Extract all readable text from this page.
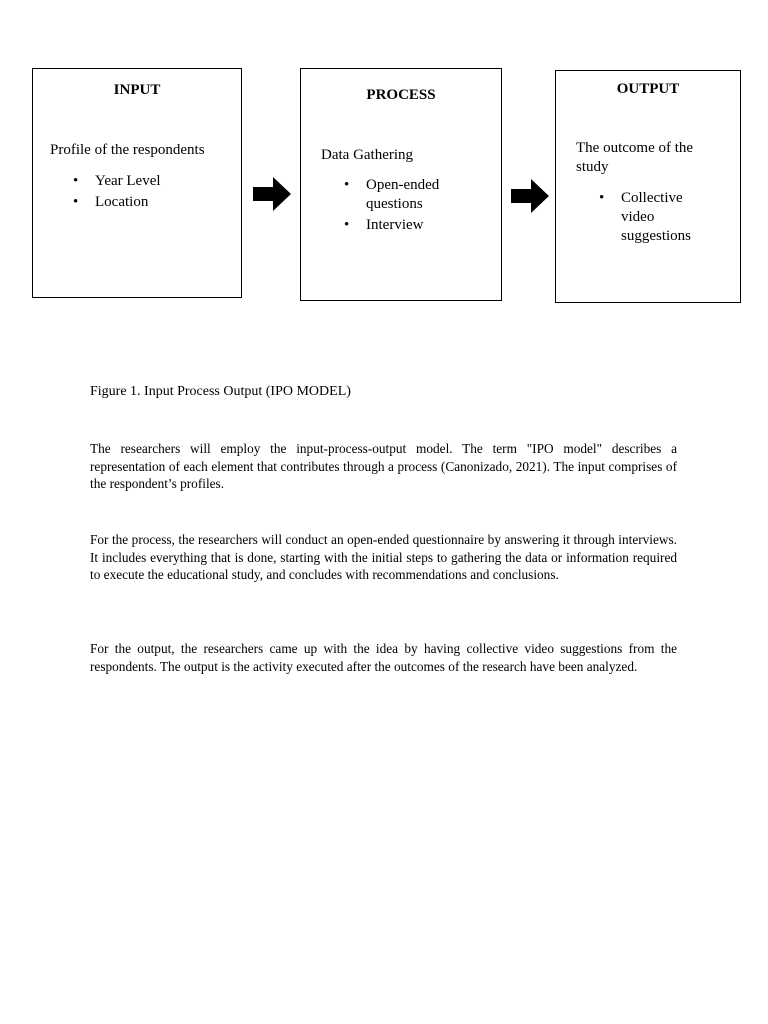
INPUT

Profile of the respondents

•	Year Level
•	Location

PROCESS

Data Gathering

•	Open-ended questions
•	Interview

OUTPUT

The outcome of the study

•	Collective video suggestions

Figure 1. Input Process Output (IPO MODEL)

The researchers will employ the input-process-output model. The term "IPO model" describes a representation of each element that contributes through a process (Canonizado, 2021). The input comprises of the respondent’s profiles.

For the process, the researchers will conduct an open-ended questionnaire by answering it through interviews. It includes everything that is done, starting with the initial steps to gathering the data or information required to execute the educational study, and concludes with recommendations and conclusions.

For the output, the researchers came up with the idea by having collective video suggestions from the respondents. The output is the activity executed after the outcomes of the research have been analyzed.
